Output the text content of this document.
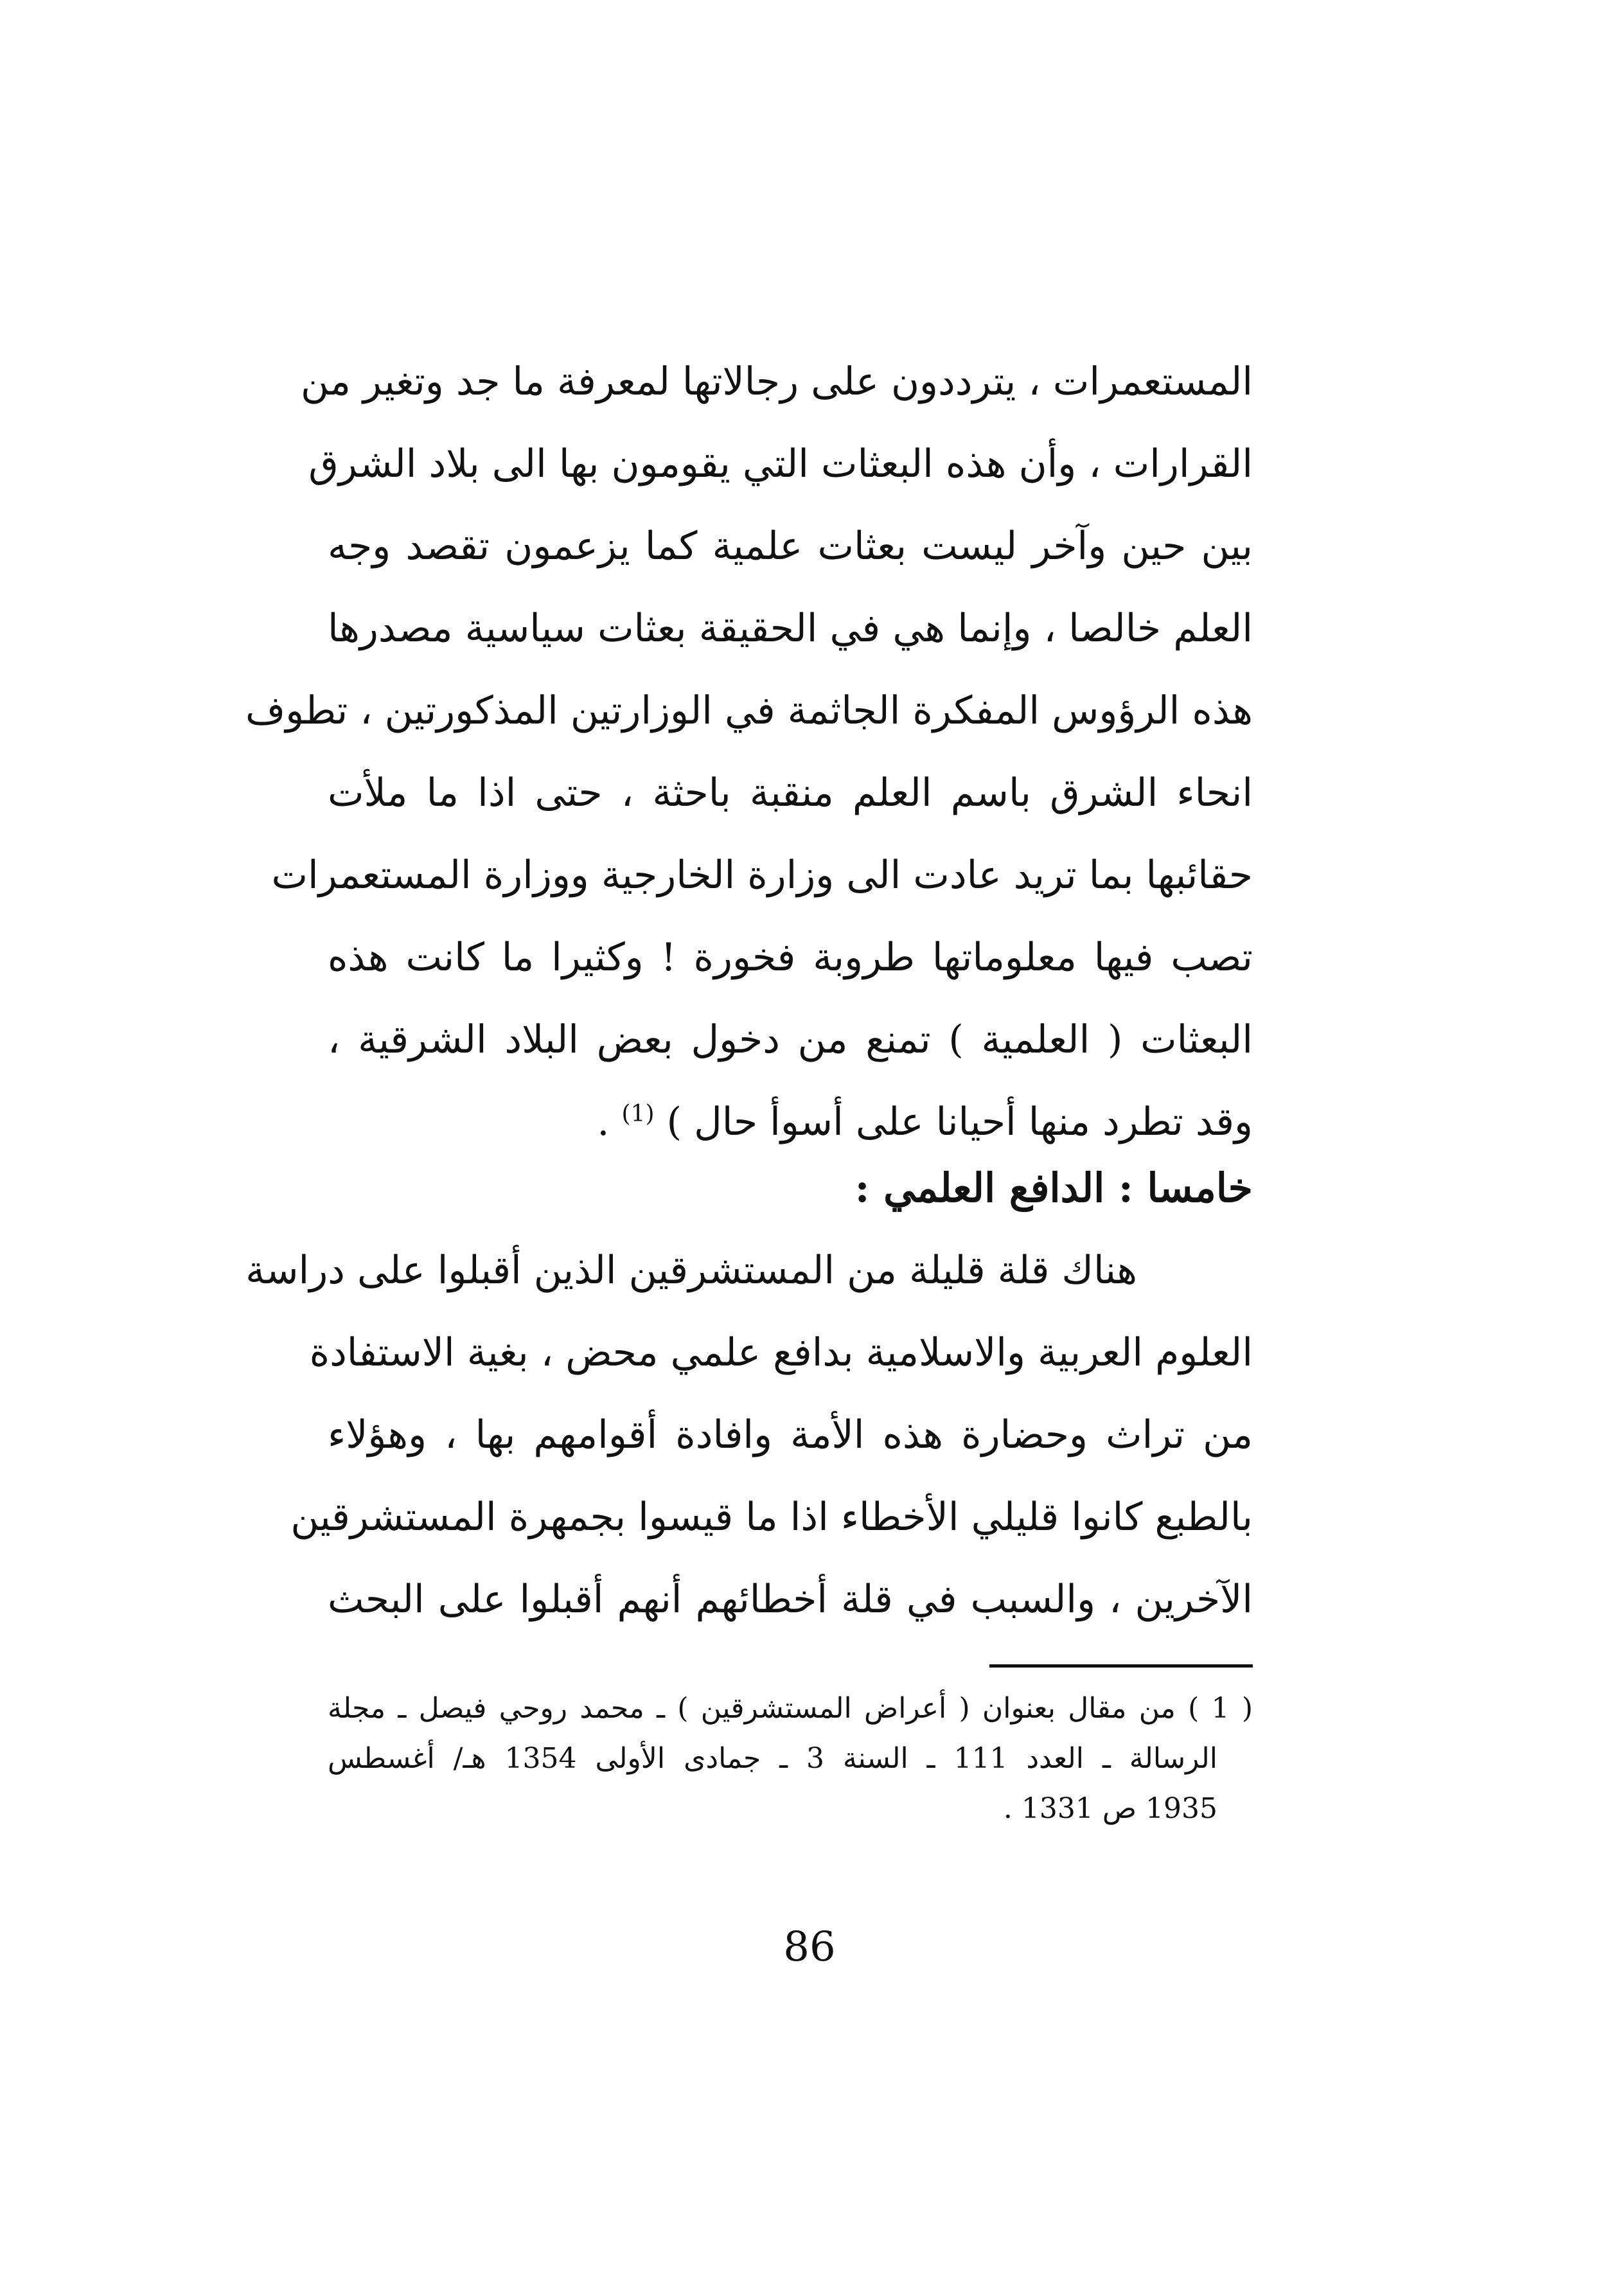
المستعمرات ، يترددون على رجالاتها لمعرفة ما جد وتغير من
القرارات ، وأن هذه البعثات التي يقومون بها الى بلاد الشرق
بين حين وآخر ليست بعثات علمية كما يزعمون تقصد وجه
العلم خالصا ، وإنما هي في الحقيقة بعثات سياسية مصدرها
هذه الرؤوس المفكرة الجاثمة في الوزارتين المذكورتين ، تطوف
انحاء الشرق باسم العلم منقبة باحثة ، حتى اذا ما ملأت
حقائبها بما تريد عادت الى وزارة الخارجية ووزارة المستعمرات
تصب فيها معلوماتها طروبة فخورة ! وكثيرا ما كانت هذه
البعثات ( العلمية ) تمنع من دخول بعض البلاد الشرقية ،
وقد تطرد منها أحيانا على أسوأ حال ) $^{(1)}$ .
خامسا : الدافع العلمي :
هناك قلة قليلة من المستشرقين الذين أقبلوا على دراسة
العلوم العربية والاسلامية بدافع علمي محض ، بغية الاستفادة
من تراث وحضارة هذه الأمة وافادة أقوامهم بها ، وهؤلاء
بالطبع كانوا قليلي الأخطاء اذا ما قيسوا بجمهرة المستشرقين
الآخرين ، والسبب في قلة أخطائهم أنهم أقبلوا على البحث
( 1 ) من مقال بعنوان ( أعراض المستشرقين ) ـ محمد روحي فيصل ـ مجلة
الرسالة ـ العدد 111 ـ السنة 3 ـ جمادى الأولى 1354 هـ/ أغسطس
1935 ص 1331 .
86
